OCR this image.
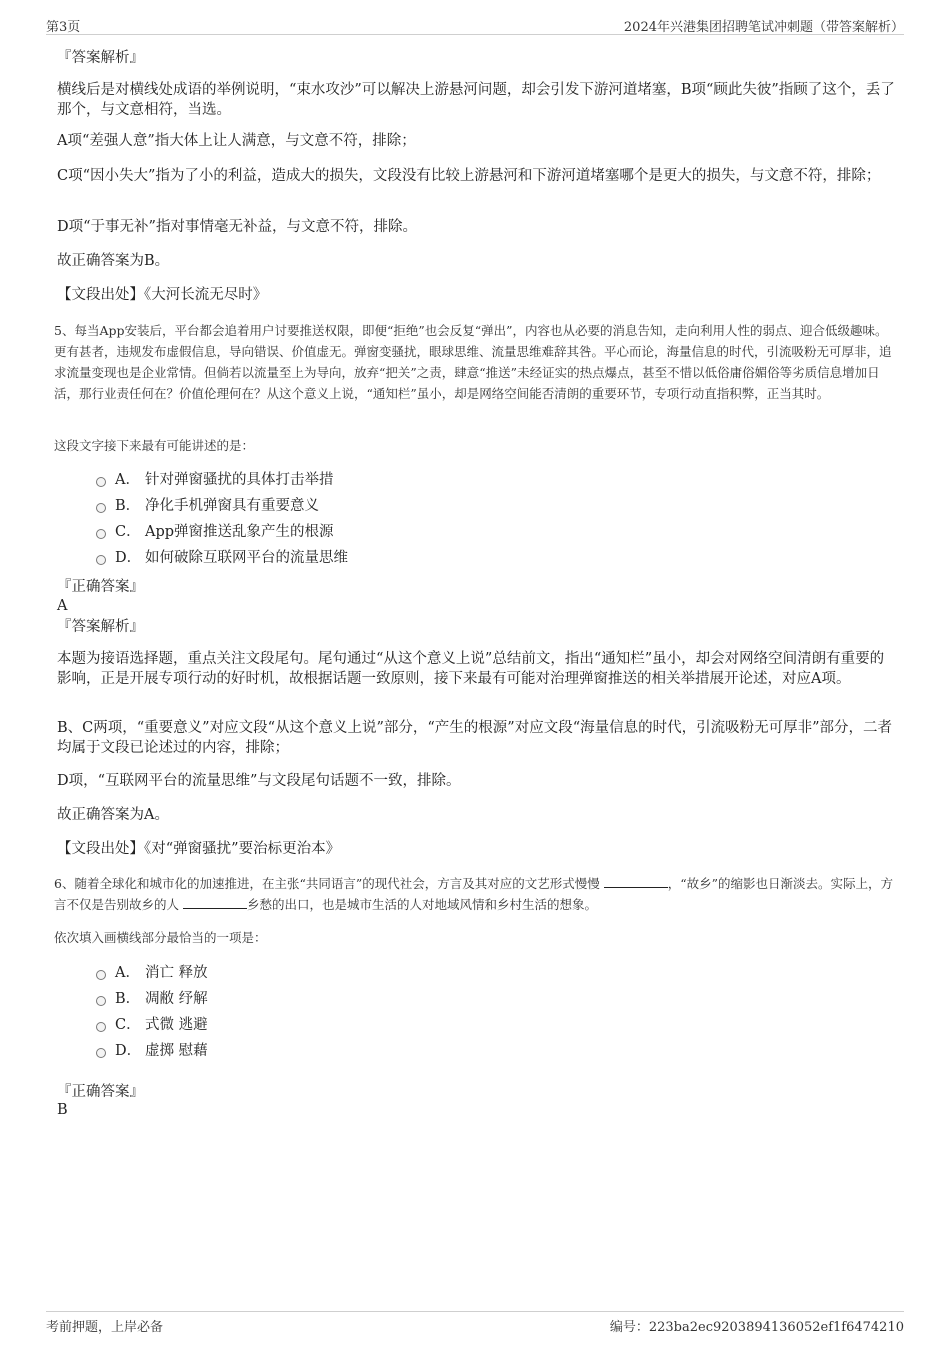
第3页	2024年兴港集团招聘笔试冲刺题（带答案解析）

『答案解析』

横线后是对横线处成语的举例说明，“束水攻沙”可以解决上游悬河问题，却会引发下游河道堵塞，B项“顾此失彼”指顾了这个，丢了那个，与文意相符，当选。

A项“差强人意”指大体上让人满意，与文意不符，排除；

C项“因小失大”指为了小的利益，造成大的损失，文段没有比较上游悬河和下游河道堵塞哪个是更大的损失，与文意不符，排除；

D项“于事无补”指对事情毫无补益，与文意不符，排除。

故正确答案为B。

【文段出处】《大河长流无尽时》

5、每当App安装后，平台都会追着用户讨要推送权限，即便“拒绝”也会反复“弹出”，内容也从必要的消息告知，走向利用人性的弱点、迎合低级趣味。更有甚者，违规发布虚假信息，导向错误、价值虚无。弹窗变骚扰，眼球思维、流量思维难辞其咎。平心而论，海量信息的时代，引流吸粉无可厚非，追求流量变现也是企业常情。但倘若以流量至上为导向，放弃“把关”之责，肆意“推送”未经证实的热点爆点，甚至不惜以低俗庸俗媚俗等劣质信息增加日活，那行业责任何在？价值伦理何在？从这个意义上说，“通知栏”虽小，却是网络空间能否清朗的重要环节，专项行动直指积弊，正当其时。

这段文字接下来最有可能讲述的是：

A． 针对弹窗骚扰的具体打击举措
B． 净化手机弹窗具有重要意义
C． App弹窗推送乱象产生的根源
D． 如何破除互联网平台的流量思维

『正确答案』

A

『答案解析』

本题为接语选择题，重点关注文段尾句。尾句通过“从这个意义上说”总结前文，指出“通知栏”虽小，却会对网络空间清朗有重要的影响，正是开展专项行动的好时机，故根据话题一致原则，接下来最有可能对治理弹窗推送的相关举措展开论述，对应A项。

B、C两项，“重要意义”对应文段“从这个意义上说”部分，“产生的根源”对应文段“海量信息的时代，引流吸粉无可厚非”部分，二者均属于文段已论述过的内容，排除；

D项，“互联网平台的流量思维”与文段尾句话题不一致，排除。

故正确答案为A。

【文段出处】《对“弹窗骚扰”要治标更治本》

6、随着全球化和城市化的加速推进，在主张“共同语言”的现代社会，方言及其对应的文艺形式慢慢	，“故乡”的缩影也日渐淡去。实际上，方言不仅是告别故乡的人	乡愁的出口，也是城市生活的人对地域风情和乡村生活的想象。

依次填入画横线部分最恰当的一项是：

A． 消亡 释放
B． 凋敝 纾解
C． 式微 逃避
D． 虚掷 慰藉

『正确答案』

B

考前押题，上岸必备	编号：223ba2ec9203894136052ef1f6474210
